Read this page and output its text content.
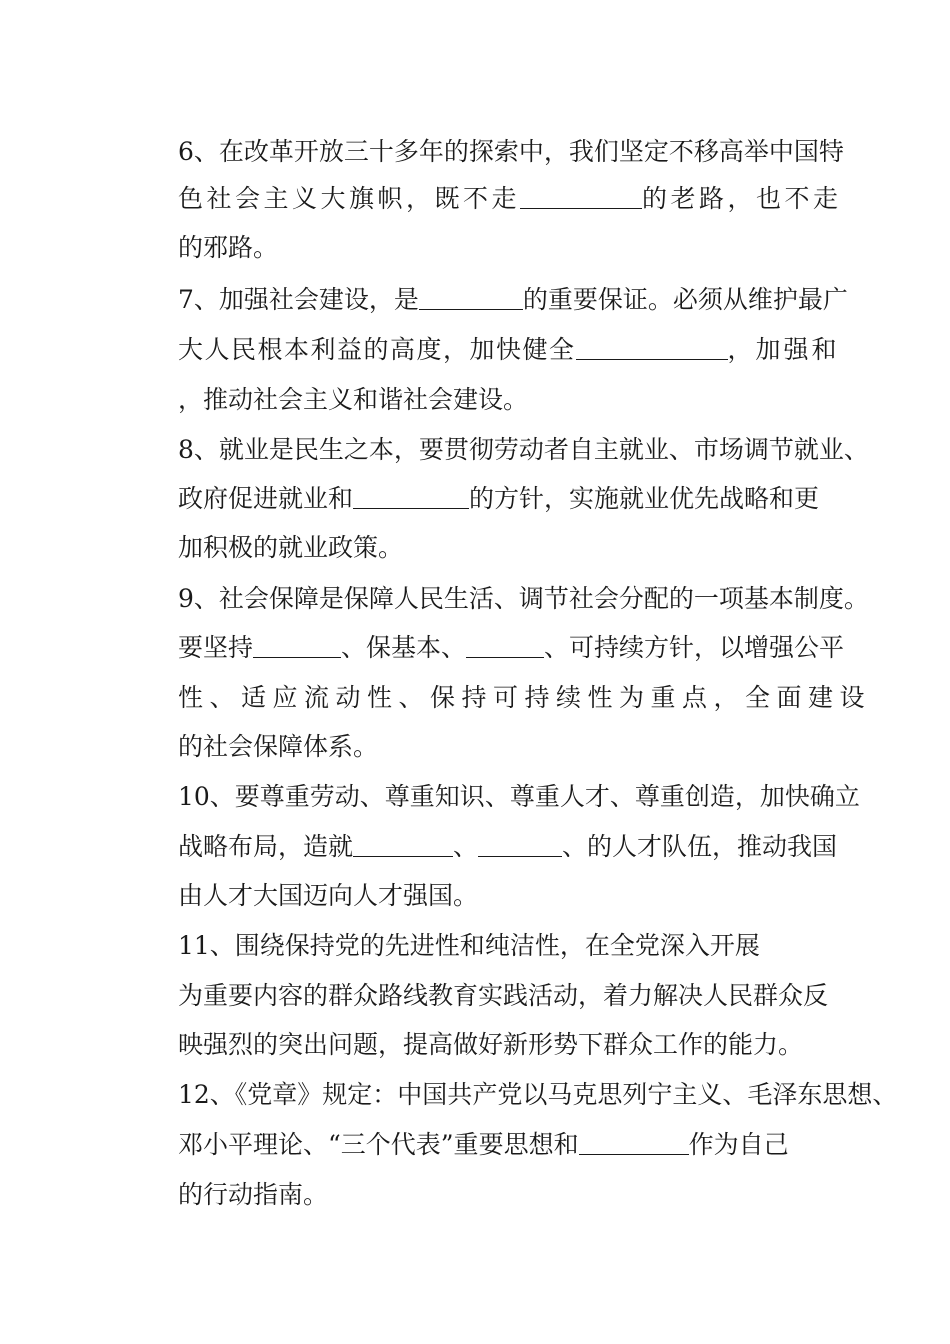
6、在改革开放三十多年的探索中，我们坚定不移高举中国特
色社会主义大旗帜，既不走	的老路，也不走
的邪路。
7、加强社会建设，是	的重要保证。必须从维护最广
大人民根本利益的高度，加快健全	，加强和
，推动社会主义和谐社会建设。
8、就业是民生之本，要贯彻劳动者自主就业、市场调节就业、
政府促进就业和	的方针，实施就业优先战略和更
加积极的就业政策。
9、社会保障是保障人民生活、调节社会分配的一项基本制度。
要坚持	、保基本、	、可持续方针，以增强公平
性、适应流动性、保持可持续性为重点，全面建设
的社会保障体系。
10、要尊重劳动、尊重知识、尊重人才、尊重创造，加快确立
战略布局，造就	、	、的人才队伍，推动我国
由人才大国迈向人才强国。
11、围绕保持党的先进性和纯洁性，在全党深入开展
为重要内容的群众路线教育实践活动，着力解决人民群众反
映强烈的突出问题，提高做好新形势下群众工作的能力。
12、《党章》规定：中国共产党以马克思列宁主义、毛泽东思想、
邓小平理论、“三个代表”重要思想和	作为自己
的行动指南。
